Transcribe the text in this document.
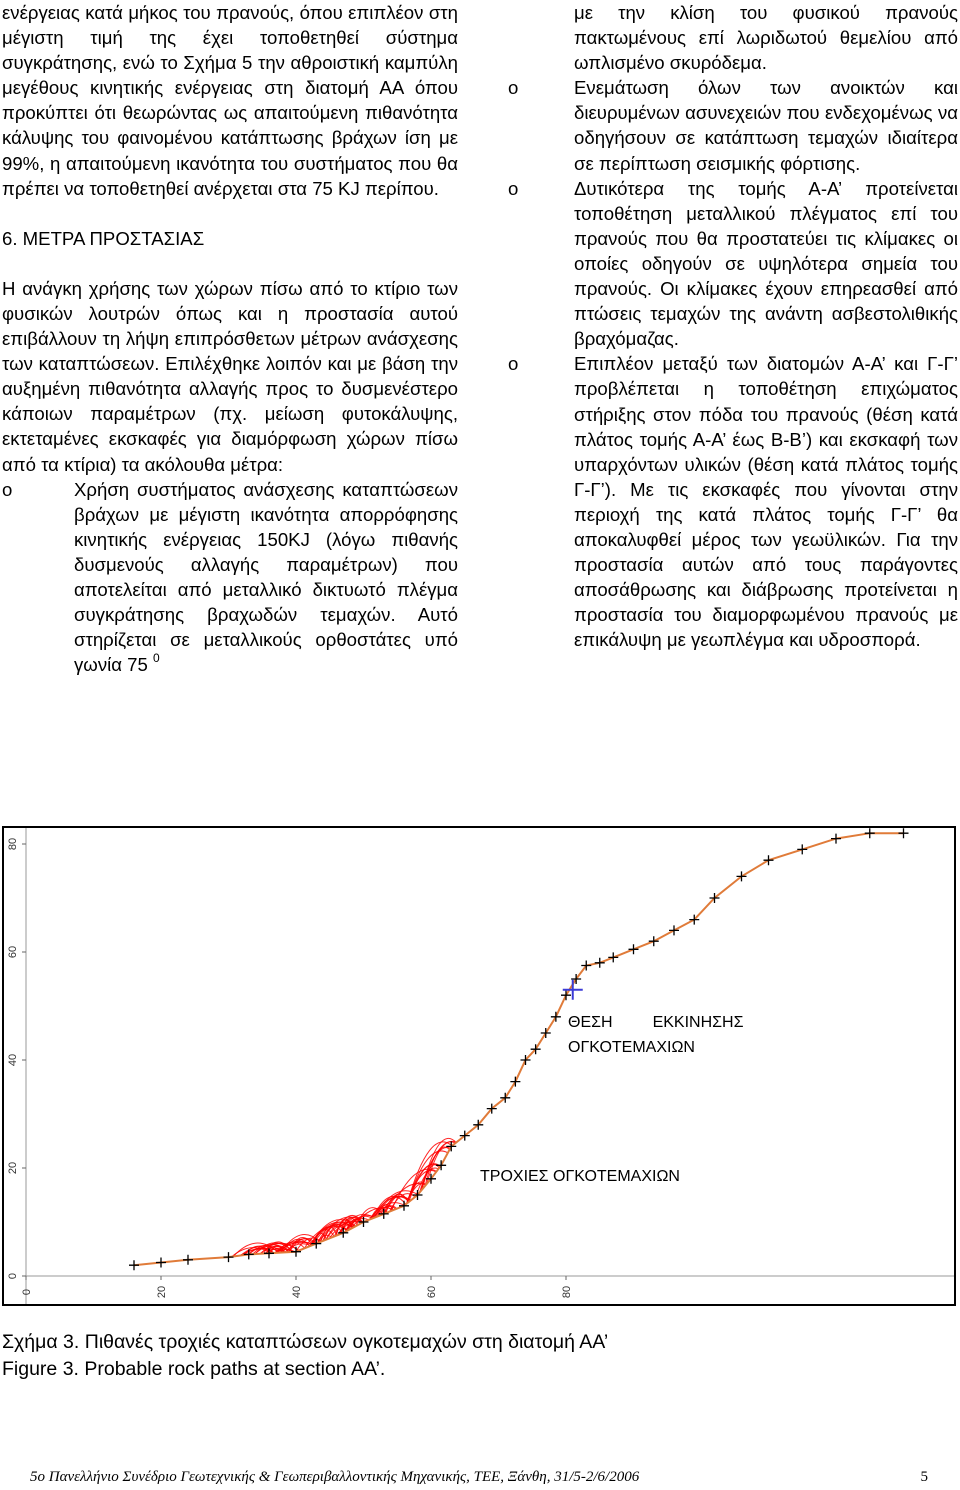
ενέργειας κατά μήκος του πρανούς, όπου επιπλέον στη μέγιστη τιμή της έχει τοποθετηθεί σύστημα συγκράτησης, ενώ το Σχήμα 5 την αθροιστική καμπύλη μεγέθους κινητικής ενέργειας στη διατομή ΑΑ όπου προκύπτει ότι θεωρώντας ως απαιτούμενη πιθανότητα κάλυψης του φαινομένου κατάπτωσης βράχων ίση με 99%, η απαιτούμενη ικανότητα του συστήματος που θα πρέπει να τοποθετηθεί ανέρχεται στα 75 KJ περίπου.

6. ΜΕΤΡΑ ΠΡΟΣΤΑΣΙΑΣ

Η ανάγκη χρήσης των χώρων πίσω από το κτίριο των φυσικών λουτρών όπως και η προστασία αυτού επιβάλλουν τη λήψη επιπρόσθετων μέτρων ανάσχεσης των καταπτώσεων. Επιλέχθηκε λοιπόν και με βάση την αυξημένη πιθανότητα αλλαγής προς το δυσμενέστερο κάποιων παραμέτρων (πχ. μείωση φυτοκάλυψης, εκτεταμένες εκσκαφές για διαμόρφωση χώρων πίσω από τα κτίρια) τα ακόλουθα μέτρα:

o	Χρήση συστήματος ανάσχεσης καταπτώσεων βράχων με μέγιστη ικανότητα απορρόφησης κινητικής ενέργειας 150KJ (λόγω πιθανής δυσμενούς αλλαγής παραμέτρων) που αποτελείται από μεταλλικό δικτυωτό πλέγμα συγκράτησης βραχωδών τεμαχών. Αυτό στηρίζεται σε μεταλλικούς ορθοστάτες υπό γωνία 75 $^0$

με την κλίση του φυσικού πρανούς πακτωμένους επί λωριδωτού θεμελίου από ωπλισμένο σκυρόδεμα.

o	Ενεμάτωση όλων των ανοικτών και διευρυμένων ασυνεχειών που ενδεχομένως να οδηγήσουν σε κατάπτωση τεμαχών ιδιαίτερα σε περίπτωση σεισμικής φόρτισης.
o	Δυτικότερα της τομής Α-Α’ προτείνεται τοποθέτηση μεταλλικού πλέγματος επί του πρανούς που θα προστατεύει τις κλίμακες οι οποίες οδηγούν σε υψηλότερα σημεία του πρανούς. Οι κλίμακες έχουν επηρεασθεί από πτώσεις τεμαχών της ανάντη ασβεστολιθικής βραχόμαζας.
o	Επιπλέον μεταξύ των διατομών Α-Α’ και Γ-Γ’ προβλέπεται η τοποθέτηση επιχώματος στήριξης στον πόδα του πρανούς (θέση κατά πλάτος τομής Α-Α’ έως Β-Β’) και εκσκαφή των υπαρχόντων υλικών (θέση κατά πλάτος τομής Γ-Γ’). Με τις εκσκαφές που γίνονται στην περιοχή της κατά πλάτος τομής Γ-Γ’ θα αποκαλυφθεί μέρος των γεωϋλικών. Για την προστασία αυτών από τους παράγοντες αποσάθρωσης και διάβρωσης προτείνεται η προστασία του διαμορφωμένου πρανούς με επικάλυψη με γεωπλέγμα και υδροσπορά.
0
20
40
60
80
0	20	40	60	80
ΘΕΣΗ         ΕΚΚΙΝΗΣΗΣ
ΟΓΚΟΤΕΜΑΧΙΩΝ
ΤΡΟΧΙΕΣ ΟΓΚΟΤΕΜΑΧΙΩΝ
Σχήμα 3. Πιθανές τροχιές καταπτώσεων ογκοτεμαχών στη διατομή ΑΑ’
Figure 3. Probable rock paths at section AA’.
5ο Πανελλήνιο Συνέδριο Γεωτεχνικής & Γεωπεριβαλλοντικής Μηχανικής, ΤΕΕ, Ξάνθη, 31/5-2/6/2006	5
